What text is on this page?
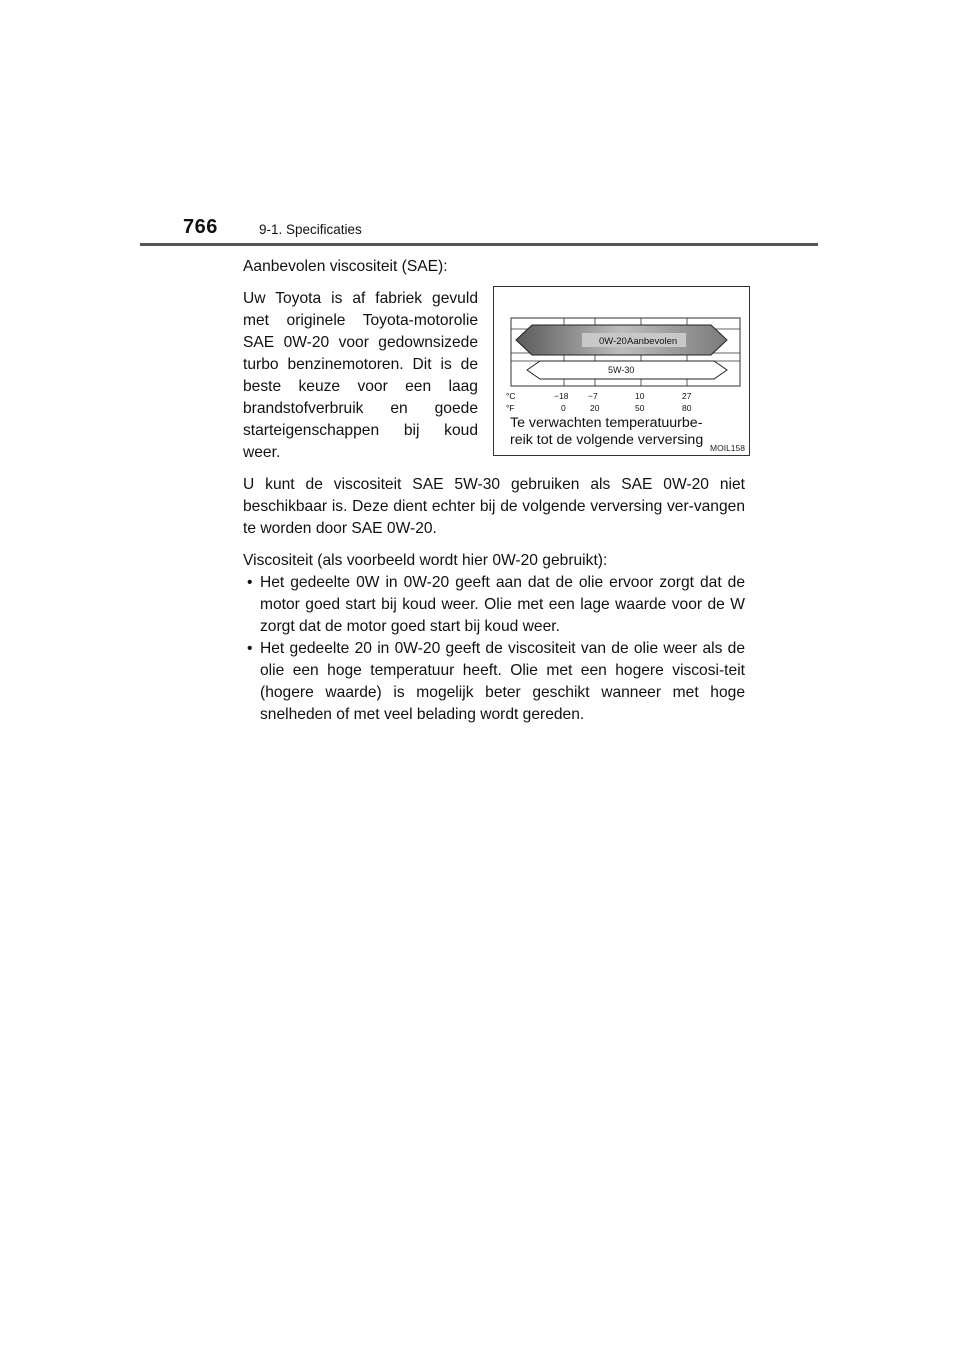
766	9-1. Specificaties
0W-20 Aanbevolen
5W-30
°C
°F
−18 −7	10	27
0	20	50	80
Te verwachten temperatuurbe-
reik tot de volgende verversing MOIL158

Aanbevolen viscositeit (SAE):

Uw Toyota is af fabriek gevuld met originele Toyota-motorolie SAE 0W-20 voor gedownsizede turbo benzinemotoren. Dit is de beste keuze voor een laag brandstofverbruik en goede starteigenschappen bij koud weer.

U kunt de viscositeit SAE 5W-30 gebruiken als SAE 0W-20 niet beschikbaar is. Deze dient echter bij de volgende verversing ver-vangen te worden door SAE 0W-20.

Viscositeit (als voorbeeld wordt hier 0W-20 gebruikt):

• Het gedeelte 0W in 0W-20 geeft aan dat de olie ervoor zorgt dat de motor goed start bij koud weer. Olie met een lage waarde voor de W zorgt dat de motor goed start bij koud weer.
• Het gedeelte 20 in 0W-20 geeft de viscositeit van de olie weer als de olie een hoge temperatuur heeft. Olie met een hogere viscosi-teit (hogere waarde) is mogelijk beter geschikt wanneer met hoge snelheden of met veel belading wordt gereden.
